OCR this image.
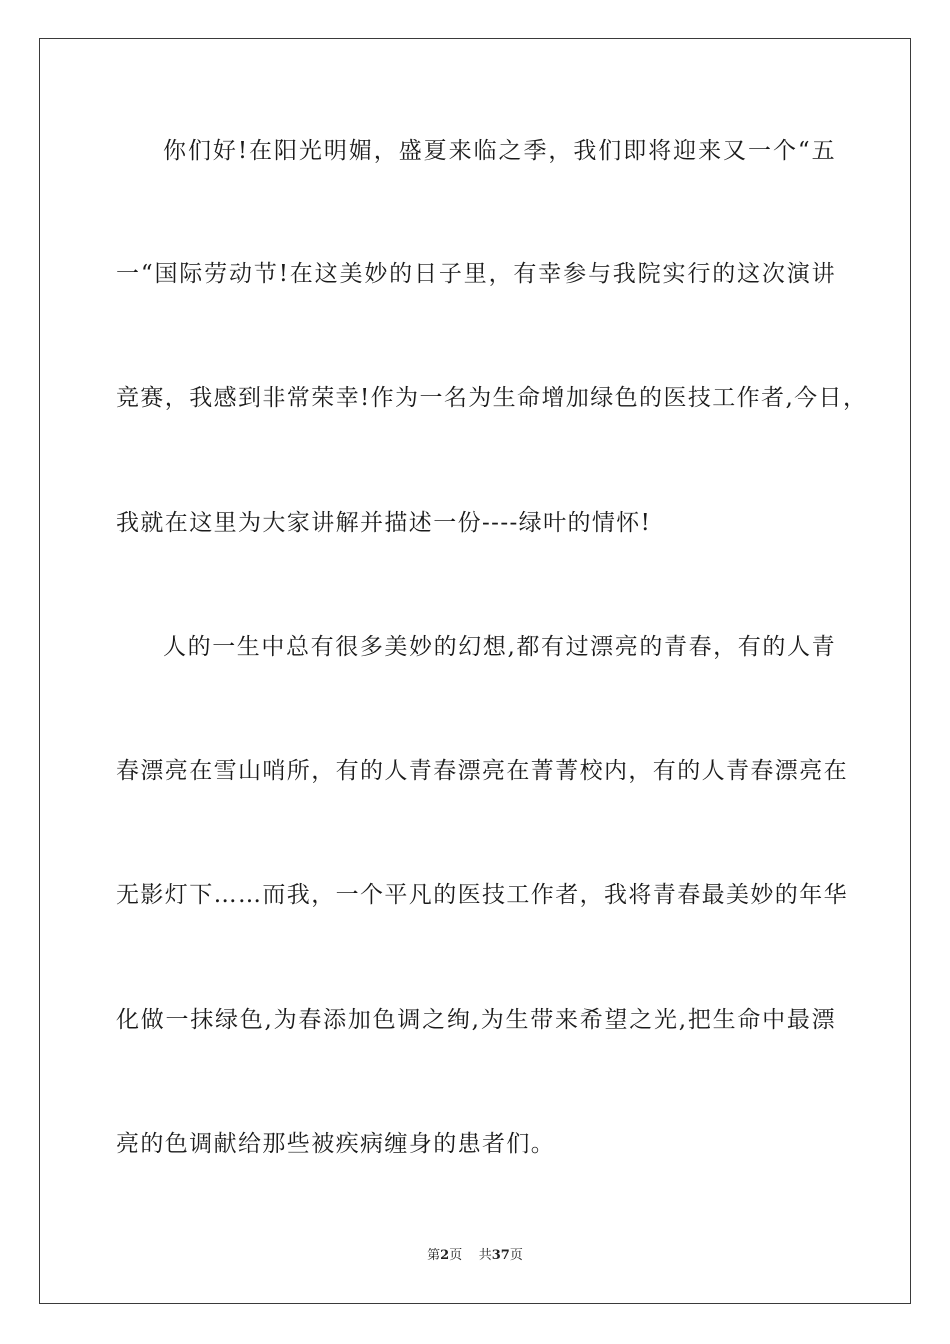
你们好!在阳光明媚，盛夏来临之季，我们即将迎来又一个“五
一“国际劳动节!在这美妙的日子里，有幸参与我院实行的这次演讲
竞赛，我感到非常荣幸!作为一名为生命增加绿色的医技工作者,今日，
我就在这里为大家讲解并描述一份----绿叶的情怀!
人的一生中总有很多美妙的幻想,都有过漂亮的青春，有的人青
春漂亮在雪山哨所，有的人青春漂亮在菁菁校内，有的人青春漂亮在
无影灯下……而我，一个平凡的医技工作者，我将青春最美妙的年华
化做一抹绿色,为春添加色调之绚,为生带来希望之光,把生命中最漂
亮的色调献给那些被疾病缠身的患者们。
第2页 共37页
